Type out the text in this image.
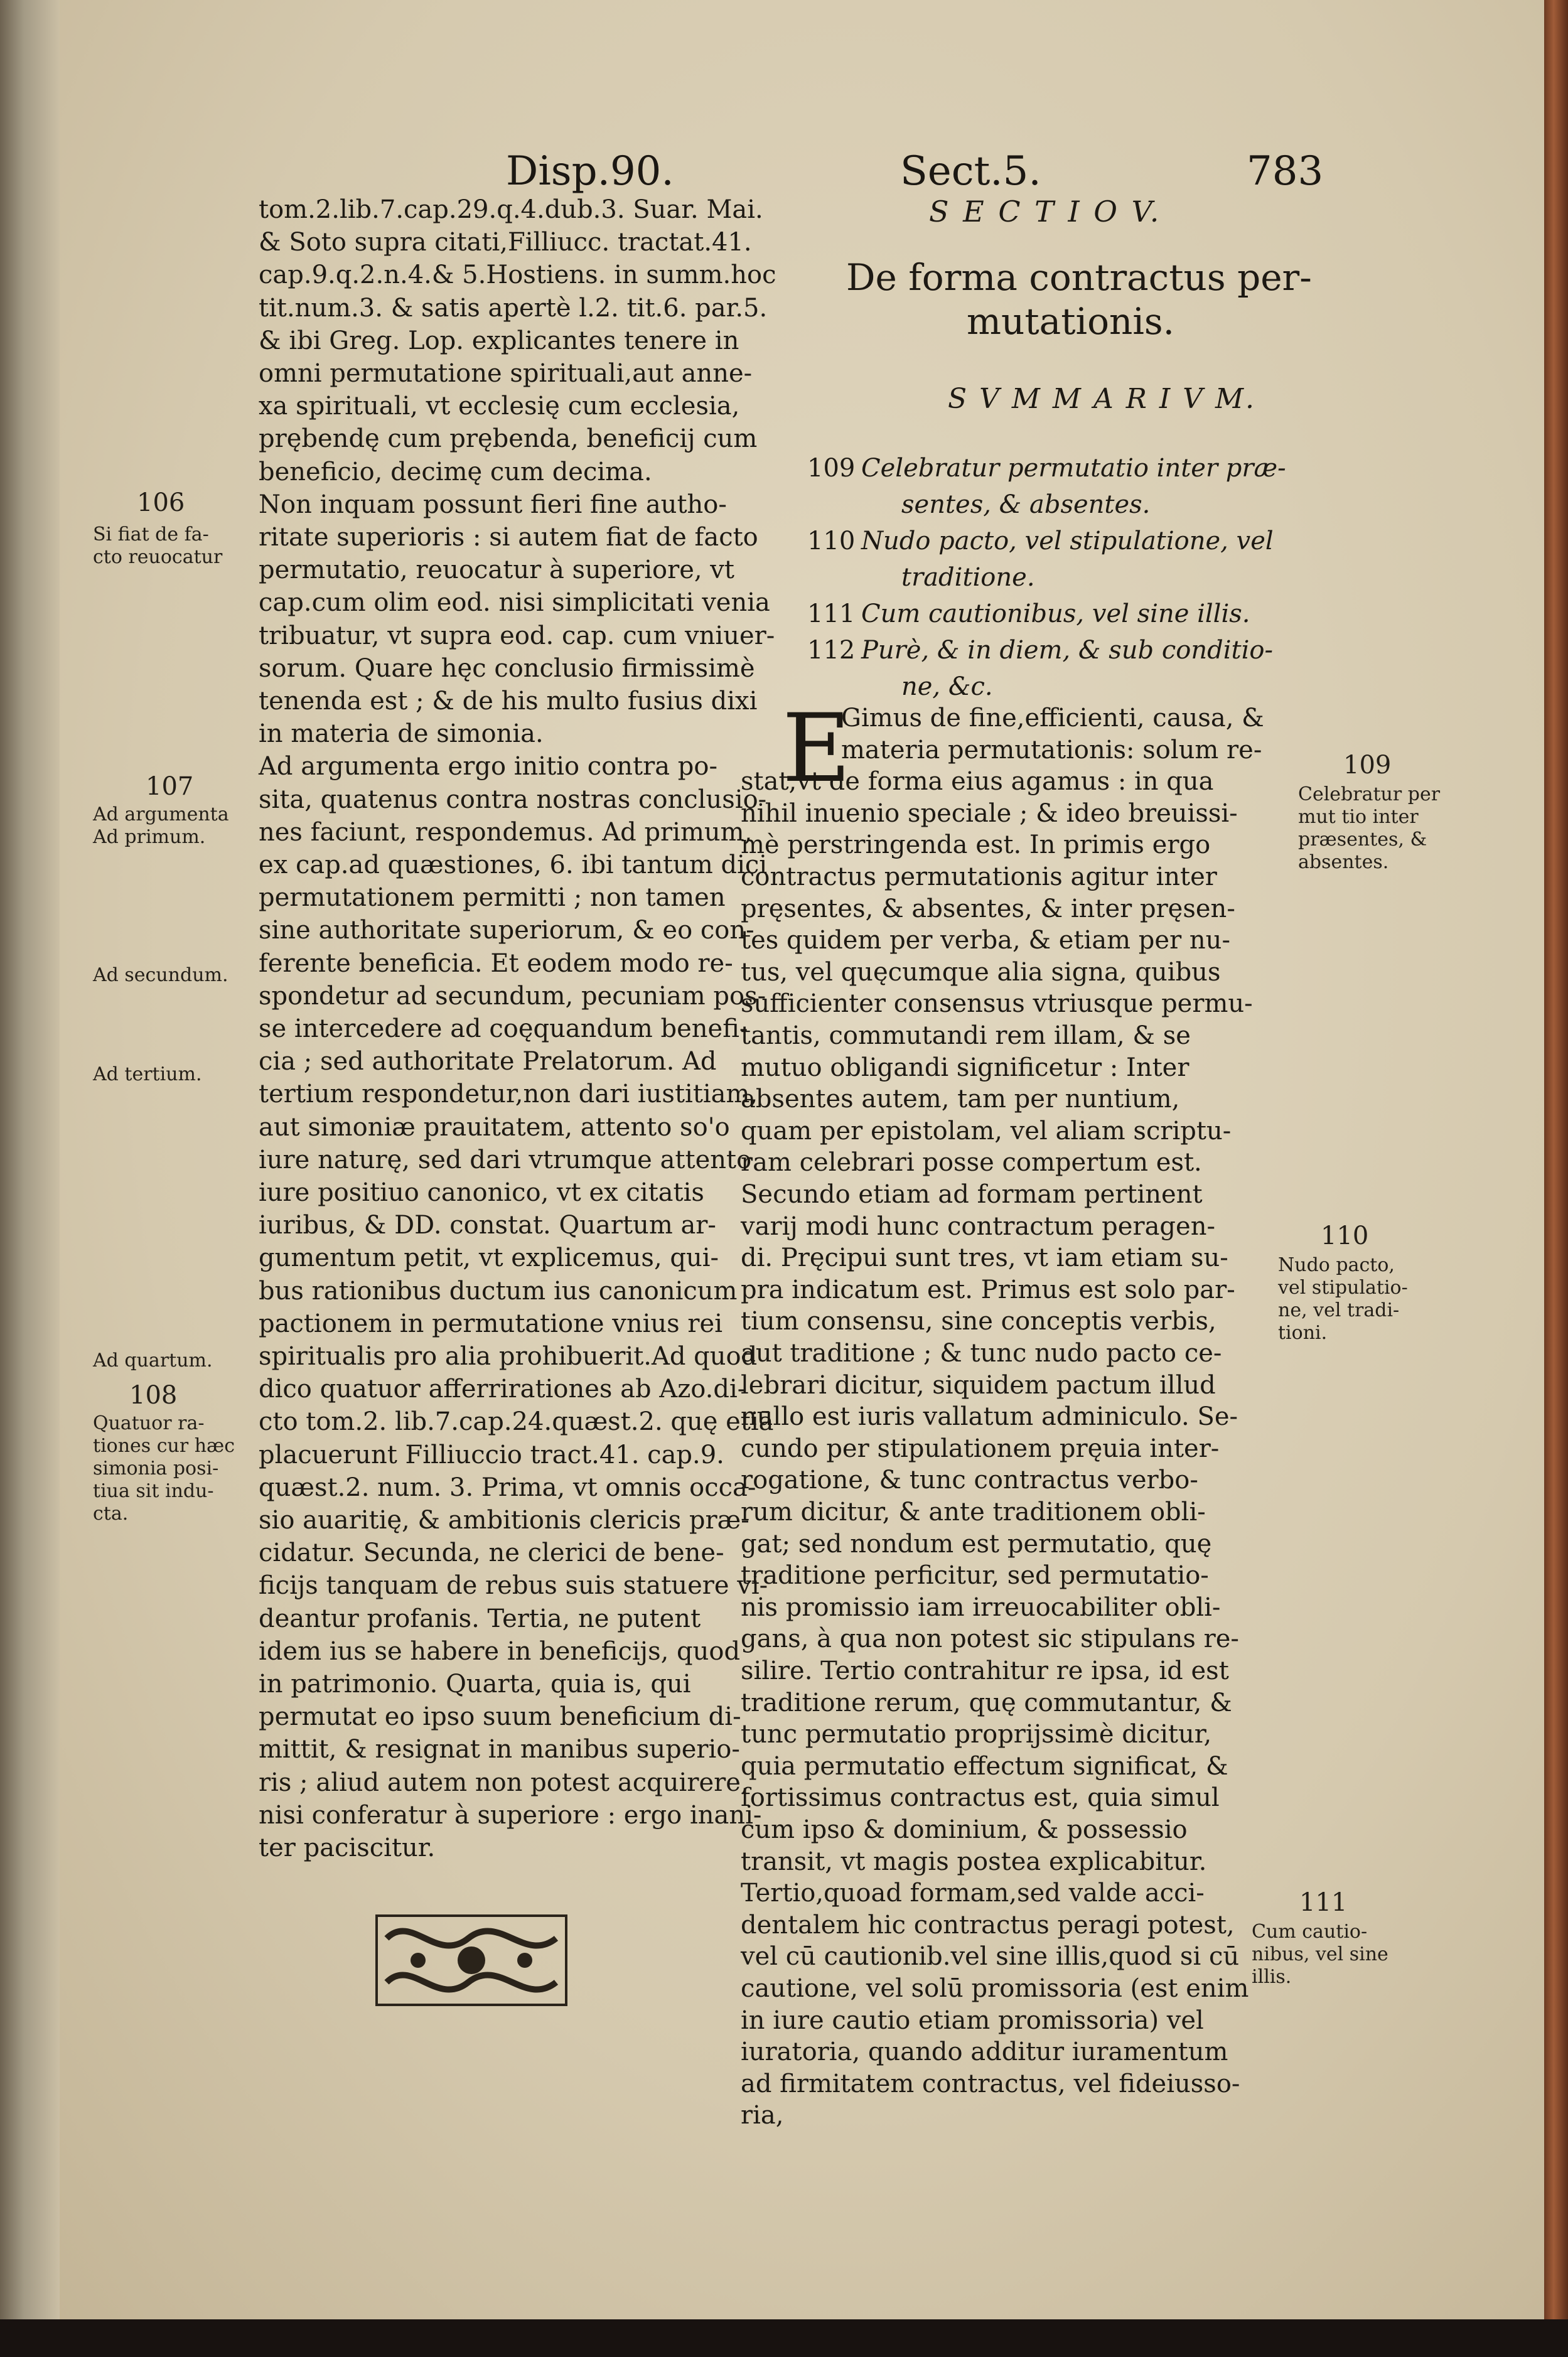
Disp.90.	Sect.5.	783
tom.2.lib.7.cap.29.q.4.dub.3. Suar. Mai.
& Soto supra citati,Filliucc. tractat.41.
cap.9.q.2.n.4.& 5.Hostiens. in summ.hoc
tit.num.3. & satis apertè l.2. tit.6. par.5.
& ibi Greg. Lop. explicantes tenere in
omni permutatione spirituali,aut anne-
xa spirituali, vt ecclesię cum ecclesia,
prębendę cum prębenda, beneficij cum
beneficio, decimę cum decima.
Non inquam possunt fieri fine autho-
ritate superioris : si autem fiat de facto
permutatio, reuocatur à superiore, vt
cap.cum olim eod. nisi simplicitati venia
tribuatur, vt supra eod. cap. cum vniuer-
sorum. Quare hęc conclusio firmissimè
tenenda est ; & de his multo fusius dixi
in materia de simonia.
Ad argumenta ergo initio contra po-
sita, quatenus contra nostras conclusio-
nes faciunt, respondemus. Ad primum,
ex cap.ad quæstiones, 6. ibi tantum dici
permutationem permitti ; non tamen
sine authoritate superiorum, & eo con-
ferente beneficia. Et eodem modo re-
spondetur ad secundum, pecuniam pos-
se intercedere ad coęquandum benefi-
cia ; sed authoritate Prelatorum. Ad
tertium respondetur,non dari iustitiam,
aut simoniæ prauitatem, attento so'o
iure naturę, sed dari vtrumque attento
iure positiuo canonico, vt ex citatis
iuribus, & DD. constat. Quartum ar-
gumentum petit, vt explicemus, qui-
bus rationibus ductum ius canonicum
pactionem in permutatione vnius rei
spiritualis pro alia prohibuerit.Ad quod
dico quatuor afferrirationes ab Azo.di-
cto tom.2. lib.7.cap.24.quæst.2. quę etiā
placuerunt Filliuccio tract.41. cap.9.
quæst.2. num. 3. Prima, vt omnis occa-
sio auaritię, & ambitionis clericis præ-
cidatur. Secunda, ne clerici de bene-
ficijs tanquam de rebus suis statuere vi-
deantur profanis. Tertia, ne putent
idem ius se habere in beneficijs, quod
in patrimonio. Quarta, quia is, qui
permutat eo ipso suum beneficium di-
mittit, & resignat in manibus superio-
ris ; aliud autem non potest acquirere,
nisi conferatur à superiore : ergo inani-
ter paciscitur.
106
Si fiat de fa-
cto reuocatur
107
Ad argumenta
Ad primum.
Ad secundum.
Ad tertium.
Ad quartum.
108
Quatuor ra-
tiones cur hæc
simonia posi-
tiua sit indu-
cta.
S E C T I O V.
De forma contractus per-
mutationis.
S V M M A R I V M.
109 Celebratur permutatio inter præ-
sentes, & absentes.
110 Nudo pacto, vel stipulatione, vel
traditione.
111 Cum cautionibus, vel sine illis.
112 Purè, & in diem, & sub conditio-
ne, &c.
E
Gimus de fine,efficienti, causa, &
materia permutationis: solum re-
stat,vt de forma eius agamus : in qua
nihil inuenio speciale ; & ideo breuissi-
mè perstringenda est. In primis ergo
contractus permutationis agitur inter
pręsentes, & absentes, & inter pręsen-
tes quidem per verba, & etiam per nu-
tus, vel quęcumque alia signa, quibus
sufficienter consensus vtriusque permu-
tantis, commutandi rem illam, & se
mutuo obligandi significetur : Inter
absentes autem, tam per nuntium,
quam per epistolam, vel aliam scriptu-
ram celebrari posse compertum est.
Secundo etiam ad formam pertinent
varij modi hunc contractum peragen-
di. Pręcipui sunt tres, vt iam etiam su-
pra indicatum est. Primus est solo par-
tium consensu, sine conceptis verbis,
aut traditione ; & tunc nudo pacto ce-
lebrari dicitur, siquidem pactum illud
nullo est iuris vallatum adminiculo. Se-
cundo per stipulationem pręuia inter-
rogatione, & tunc contractus verbo-
rum dicitur, & ante traditionem obli-
gat; sed nondum est permutatio, quę
traditione perficitur, sed permutatio-
nis promissio iam irreuocabiliter obli-
gans, à qua non potest sic stipulans re-
silire. Tertio contrahitur re ipsa, id est
traditione rerum, quę commutantur, &
tunc permutatio proprijssimè dicitur,
quia permutatio effectum significat, &
fortissimus contractus est, quia simul
cum ipso & dominium, & possessio
transit, vt magis postea explicabitur.
Tertio,quoad formam,sed valde acci-
dentalem hic contractus peragi potest,
vel cū cautionib.vel sine illis,quod si cū
cautione, vel solū promissoria (est enim
in iure cautio etiam promissoria) vel
iuratoria, quando additur iuramentum
ad firmitatem contractus, vel fideiusso-
ria,
109
Celebratur per
mut tio inter
præsentes, &
absentes.
110
Nudo pacto,
vel stipulatio-
ne, vel tradi-
tioni.
111
Cum cautio-
nibus, vel sine
illis.
